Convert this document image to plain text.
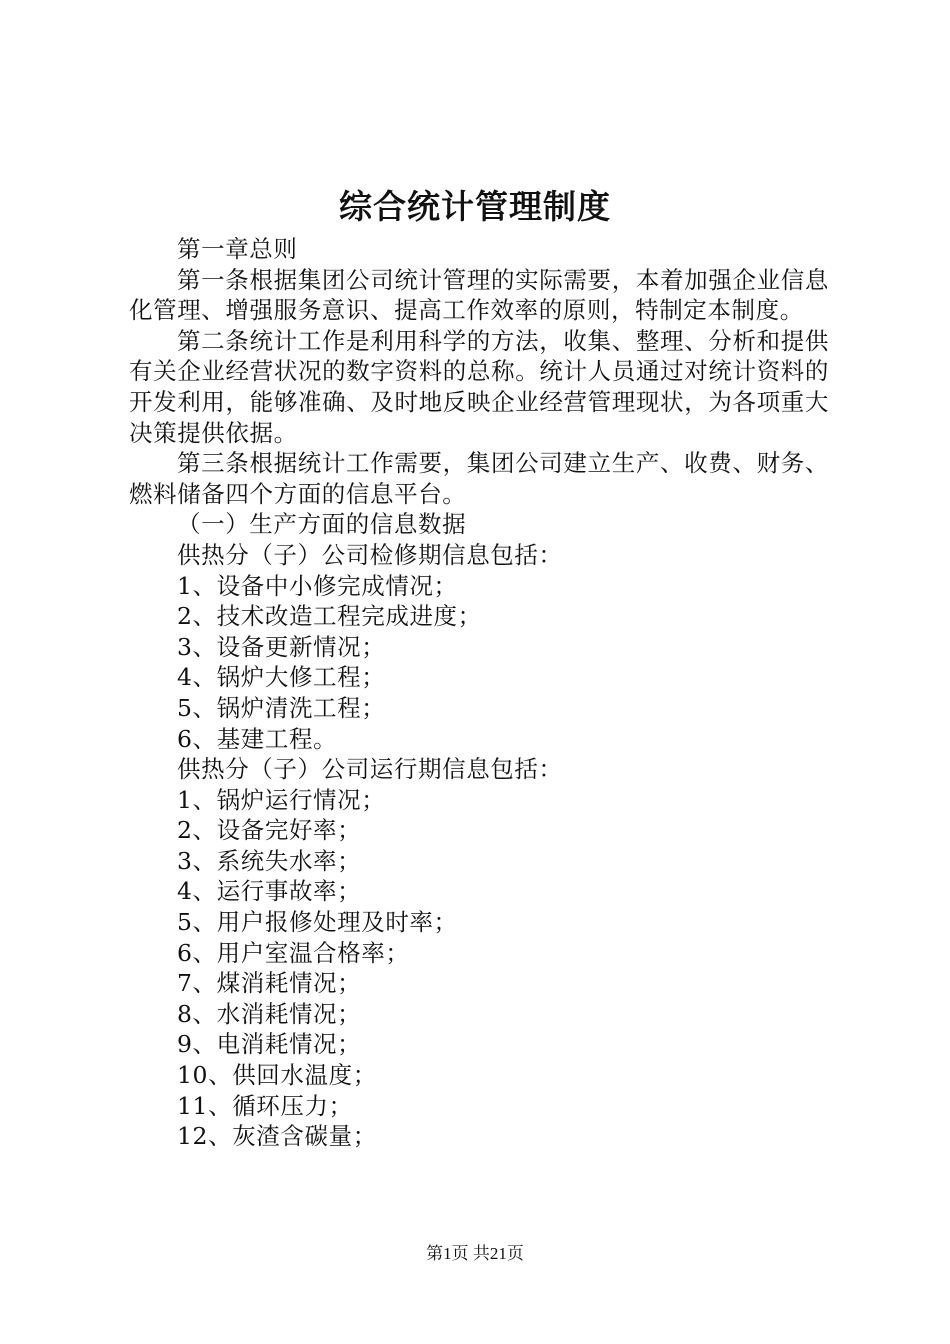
综合统计管理制度

第一章总则

第一条根据集团公司统计管理的实际需要，本着加强企业信息化管理、增强服务意识、提高工作效率的原则，特制定本制度。

第二条统计工作是利用科学的方法，收集、整理、分析和提供有关企业经营状况的数字资料的总称。统计人员通过对统计资料的开发利用，能够准确、及时地反映企业经营管理现状，为各项重大决策提供依据。

第三条根据统计工作需要，集团公司建立生产、收费、财务、燃料储备四个方面的信息平台。

（一）生产方面的信息数据

供热分（子）公司检修期信息包括：

1、设备中小修完成情况；

2、技术改造工程完成进度；

3、设备更新情况；

4、锅炉大修工程；

5、锅炉清洗工程；

6、基建工程。

供热分（子）公司运行期信息包括：

1、锅炉运行情况；

2、设备完好率；

3、系统失水率；

4、运行事故率；

5、用户报修处理及时率；

6、用户室温合格率；

7、煤消耗情况；

8、水消耗情况；

9、电消耗情况；

10、供回水温度；

11、循环压力；

12、灰渣含碳量；

第1页 共21页
